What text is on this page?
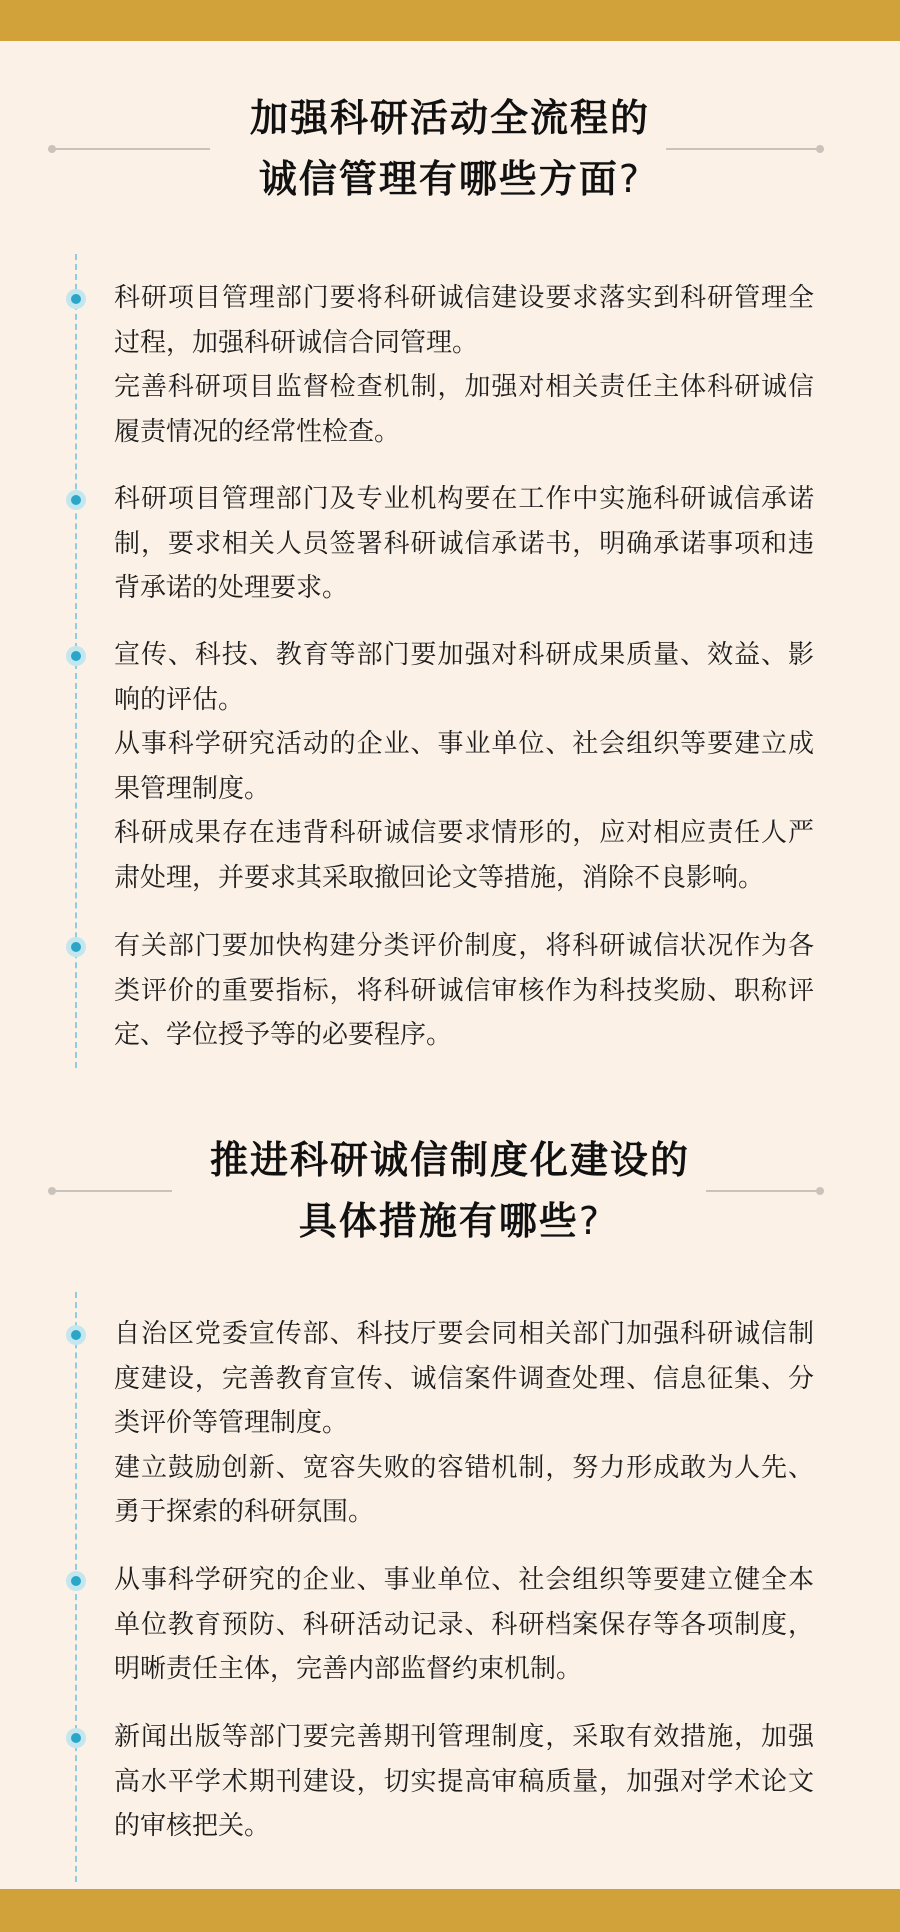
加强科研活动全流程的
诚信管理有哪些方面?

科研项目管理部门要将科研诚信建设要求落实到科研管理全过程，加强科研诚信合同管理。

完善科研项目监督检查机制，加强对相关责任主体科研诚信履责情况的经常性检查。

科研项目管理部门及专业机构要在工作中实施科研诚信承诺制，要求相关人员签署科研诚信承诺书，明确承诺事项和违背承诺的处理要求。

宣传、科技、教育等部门要加强对科研成果质量、效益、影响的评估。

从事科学研究活动的企业、事业单位、社会组织等要建立成果管理制度。

科研成果存在违背科研诚信要求情形的，应对相应责任人严肃处理，并要求其采取撤回论文等措施，消除不良影响。

有关部门要加快构建分类评价制度，将科研诚信状况作为各类评价的重要指标，将科研诚信审核作为科技奖励、职称评定、学位授予等的必要程序。

推进科研诚信制度化建设的
具体措施有哪些?

自治区党委宣传部、科技厅要会同相关部门加强科研诚信制度建设，完善教育宣传、诚信案件调查处理、信息征集、分类评价等管理制度。

建立鼓励创新、宽容失败的容错机制，努力形成敢为人先、勇于探索的科研氛围。

从事科学研究的企业、事业单位、社会组织等要建立健全本单位教育预防、科研活动记录、科研档案保存等各项制度，明晰责任主体，完善内部监督约束机制。

新闻出版等部门要完善期刊管理制度，采取有效措施，加强高水平学术期刊建设，切实提高审稿质量，加强对学术论文的审核把关。
